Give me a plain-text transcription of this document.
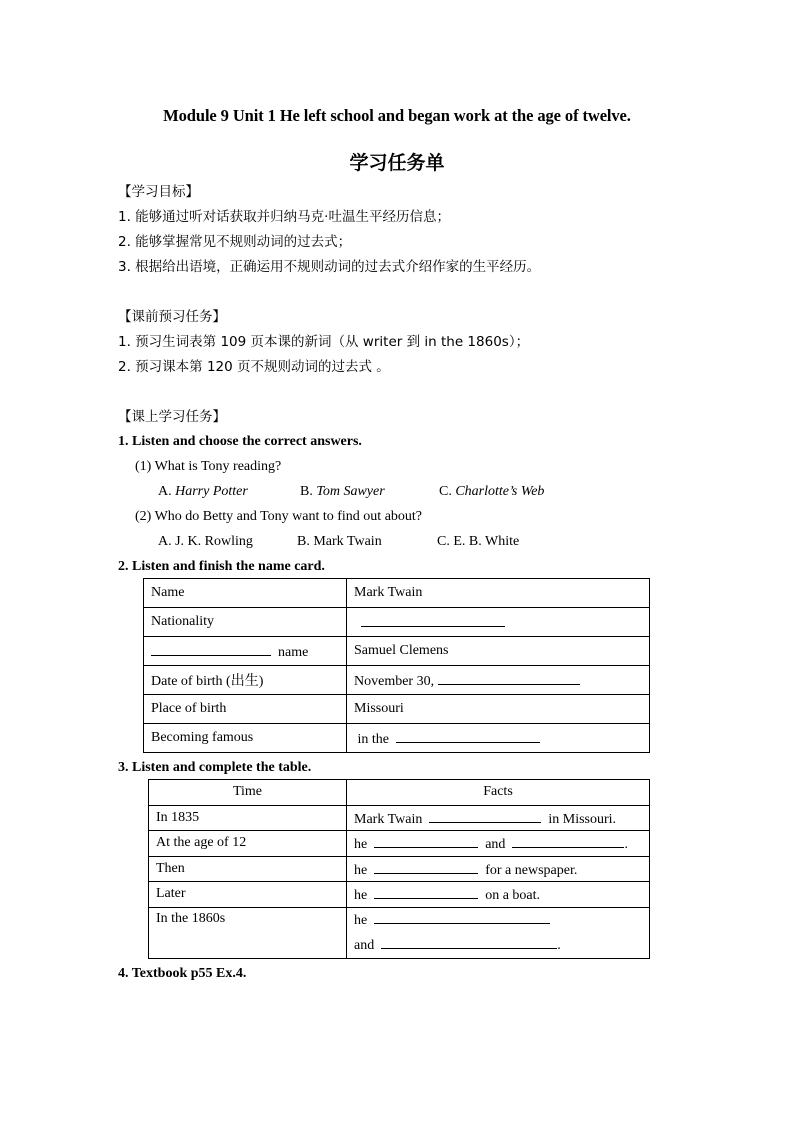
Module 9 Unit 1 He left school and began work at the age of twelve.
学习任务单
【学习目标】
1. 能够通过听对话获取并归纳马克·吐温生平经历信息；
2. 能够掌握常见不规则动词的过去式；
3. 根据给出语境，正确运用不规则动词的过去式介绍作家的生平经历。
【课前预习任务】
1. 预习生词表第 109 页本课的新词（从 writer 到 in the 1860s）；
2. 预习课本第 120 页不规则动词的过去式 。
【课上学习任务】
1. Listen and choose the correct answers.
(1) What is Tony reading?
A. Harry Potter	B. Tom Sawyer	C. Charlotte’s Web
(2) Who do Betty and Tony want to find out about?
A. J. K. Rowling	B. Mark Twain	C. E. B. White
2. Listen and finish the name card.
Name	Mark Twain
Nationality	
name	Samuel Clemens
Date of birth (出生)	November 30,
Place of birth	Missouri
Becoming famous	in the
3. Listen and complete the table.
Time	Facts
In 1835	Mark Twain in Missouri.
At the age of 12	he and .
Then	he for a newspaper.
Later	he on a boat.
In the 1860s	he
and .
4. Textbook p55 Ex.4.
